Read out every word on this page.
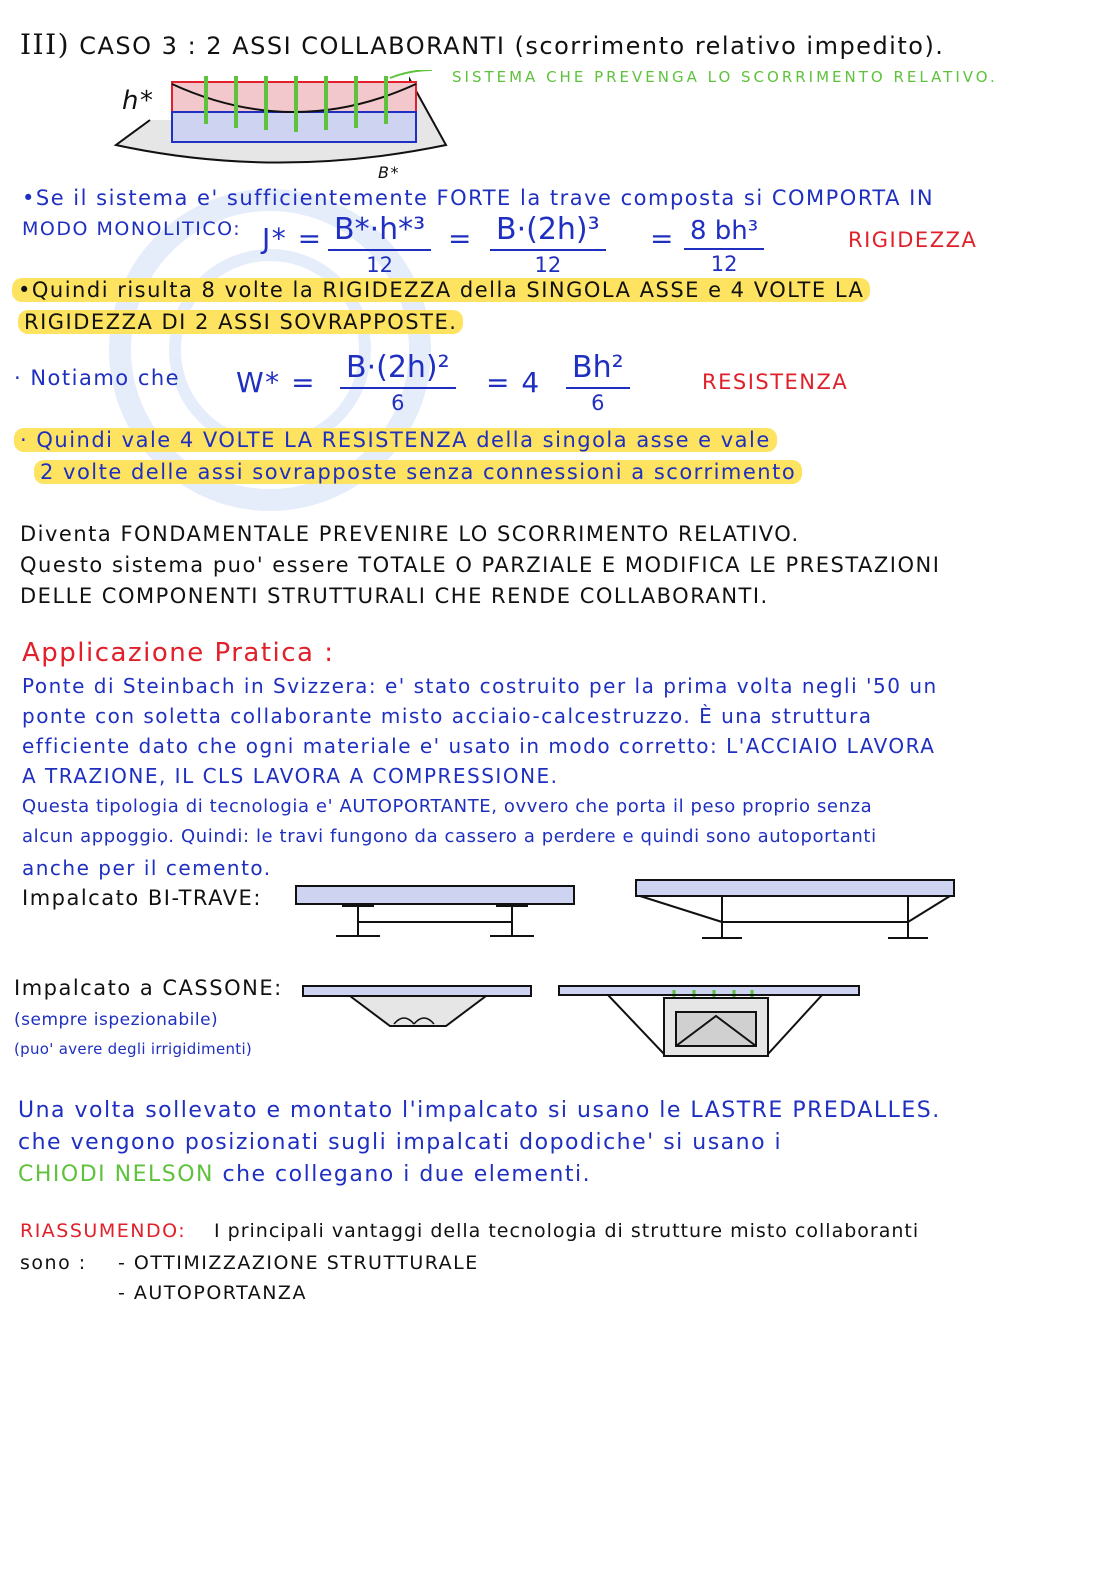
III) CASO 3 : 2 ASSI COLLABORANTI (scorrimento relativo impedito).
h*
B*
SISTEMA CHE PREVENGA LO SCORRIMENTO RELATIVO.
•Se il sistema e' sufficientemente FORTE la trave composta si COMPORTA IN
MODO MONOLITICO: J* = B*·h*³
12
= B·(2h)³
12
= 8 bh³
12
RIGIDEZZA
•Quindi risulta 8 volte la RIGIDEZZA della SINGOLA ASSE e 4 VOLTE LA
RIGIDEZZA DI 2 ASSI SOVRAPPOSTE.
· Notiamo che W* = B·(2h)²
6
= 4 Bh²
6
RESISTENZA
· Quindi vale 4 VOLTE LA RESISTENZA della singola asse e vale
2 volte delle assi sovrapposte senza connessioni a scorrimento
Diventa FONDAMENTALE PREVENIRE LO SCORRIMENTO RELATIVO.
Questo sistema puo' essere TOTALE O PARZIALE E MODIFICA LE PRESTAZIONI
DELLE COMPONENTI STRUTTURALI CHE RENDE COLLABORANTI.
Applicazione Pratica :
Ponte di Steinbach in Svizzera: e' stato costruito per la prima volta negli '50 un
ponte con soletta collaborante misto acciaio-calcestruzzo. È una struttura
efficiente dato che ogni materiale e' usato in modo corretto: L'ACCIAIO LAVORA
A TRAZIONE, IL CLS LAVORA A COMPRESSIONE.
Questa tipologia di tecnologia e' AUTOPORTANTE, ovvero che porta il peso proprio senza
alcun appoggio. Quindi: le travi fungono da cassero a perdere e quindi sono autoportanti
anche per il cemento.
Impalcato BI-TRAVE:
Impalcato a CASSONE:
(sempre ispezionabile)
(puo' avere degli irrigidimenti)
Una volta sollevato e montato l'impalcato si usano le LASTRE PREDALLES.
che vengono posizionati sugli impalcati dopodiche' si usano i
CHIODI NELSON che collegano i due elementi.
RIASSUMENDO: I principali vantaggi della tecnologia di strutture misto collaboranti
sono : - OTTIMIZZAZIONE STRUTTURALE
- AUTOPORTANZA
